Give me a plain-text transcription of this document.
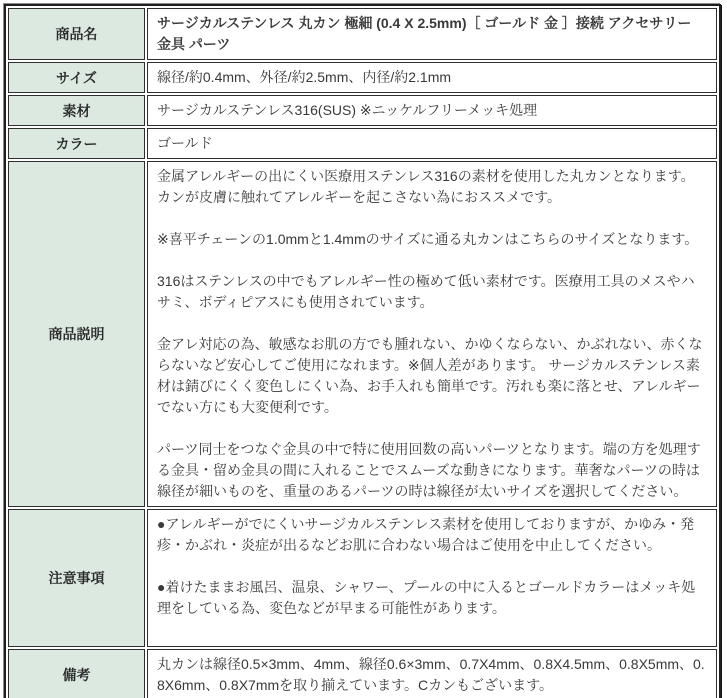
商品名	サージカルステンレス 丸カン 極細 (0.4 X 2.5mm)［ ゴールド 金 ］接続 アクセサリー 金具 パーツ
サイズ	線径/約0.4mm、外径/約2.5mm、内径/約2.1mm
素材	サージカルステンレス316(SUS) ※ニッケルフリーメッキ処理
カラー	ゴールド
商品説明	金属アレルギーの出にくい医療用ステンレス316の素材を使用した丸カンとなります。カンが皮膚に触れてアレルギーを起こさない為におススメです。

※喜平チェーンの1.0mmと1.4mmのサイズに通る丸カンはこちらのサイズとなります。

316はステンレスの中でもアレルギー性の極めて低い素材です。医療用工具のメスやハサミ、ボディピアスにも使用されています。

金アレ対応の為、敏感なお肌の方でも腫れない、かゆくならない、かぶれない、赤くならないなど安心してご使用になれます。※個人差があります。 サージカルステンレス素材は錆びにくく変色しにくい為、お手入れも簡単です。汚れも楽に落とせ、アレルギーでない方にも大変便利です。

パーツ同士をつなぐ金具の中で特に使用回数の高いパーツとなります。端の方を処理する金具・留め金具の間に入れることでスムーズな動きになります。華奢なパーツの時は線径が細いものを、重量のあるパーツの時は線径が太いサイズを選択してください。

注意事項	●アレルギーがでにくいサージカルステンレス素材を使用しておりますが、かゆみ・発疹・かぶれ・炎症が出るなどお肌に合わない場合はご使用を中止してください。

●着けたままお風呂、温泉、シャワー、プールの中に入るとゴールドカラーはメッキ処理をしている為、変色などが早まる可能性があります。

備考	丸カンは線径0.5×3mm、4mm、線径0.6×3mm、0.7X4mm、0.8X4.5mm、0.8X5mm、0.8X6mm、0.8X7mmを取り揃えています。Cカンもございます。
